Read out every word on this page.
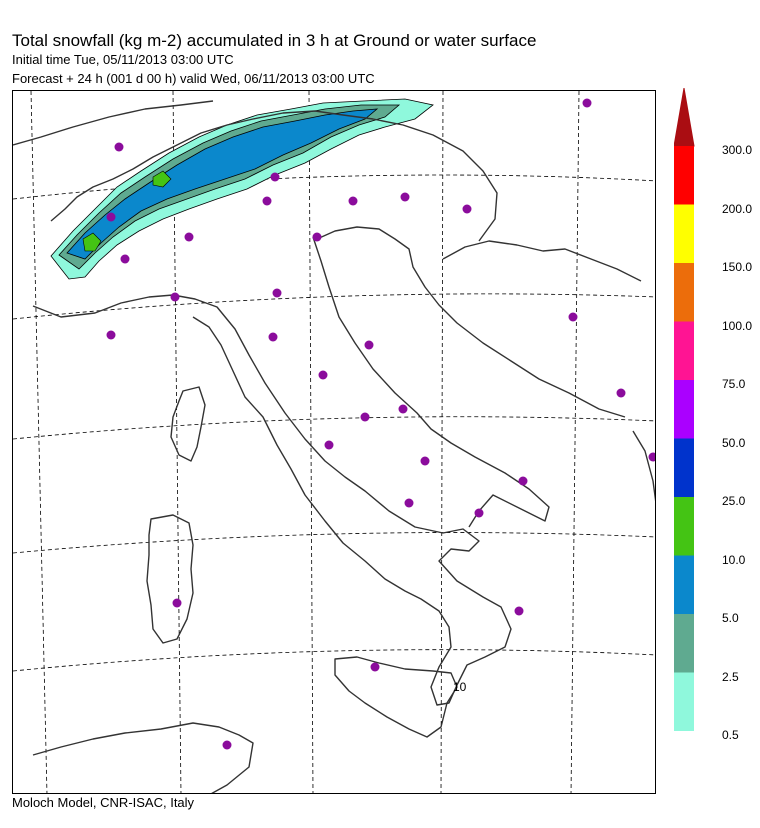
Total snowfall (kg m-2) accumulated in 3 h at Ground or water surface
Initial time Tue, 05/11/2013 03:00 UTC
Forecast + 24 h (001 d 00 h) valid Wed, 06/11/2013 03:00 UTC
10
300.0
200.0
150.0
100.0
75.0
50.0
25.0
10.0
5.0
2.5
0.5
Moloch Model, CNR-ISAC, Italy
